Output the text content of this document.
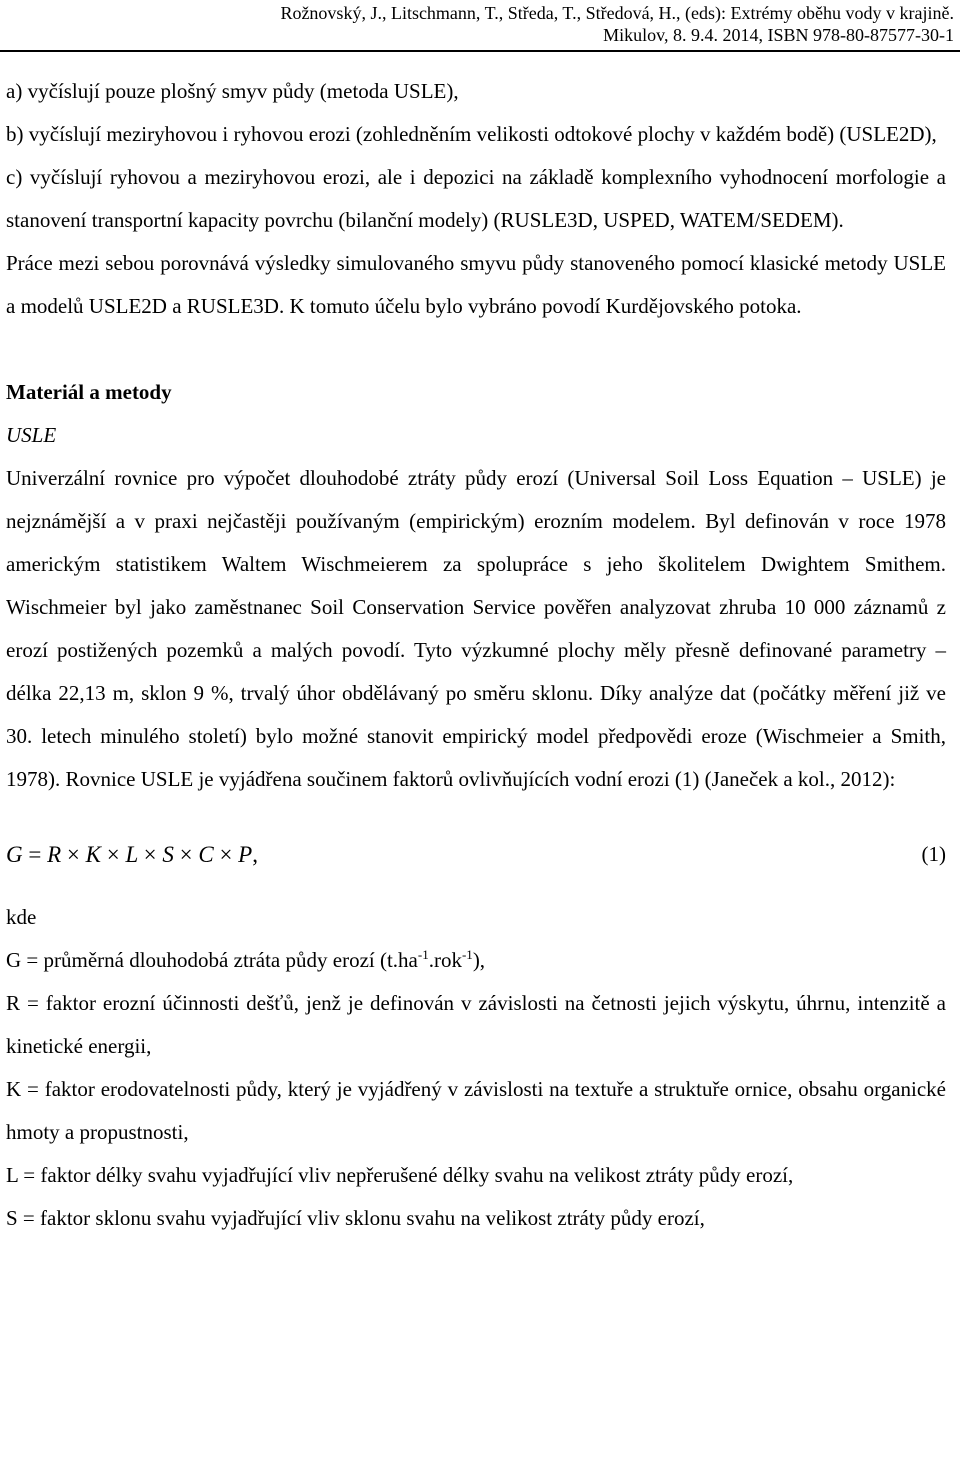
Rožnovský, J., Litschmann, T., Středa, T., Středová, H., (eds): Extrémy oběhu vody v krajině.
Mikulov, 8. 9.4. 2014, ISBN 978-80-87577-30-1

a) vyčíslují pouze plošný smyv půdy (metoda USLE),

b) vyčíslují meziryhovou i ryhovou erozi (zohledněním velikosti odtokové plochy v každém bodě) (USLE2D),

c) vyčíslují ryhovou a meziryhovou erozi, ale i depozici na základě komplexního vyhodnocení morfologie a stanovení transportní kapacity povrchu (bilanční modely) (RUSLE3D, USPED, WATEM/SEDEM).

Práce mezi sebou porovnává výsledky simulovaného smyvu půdy stanoveného pomocí klasické metody USLE a modelů USLE2D a RUSLE3D. K tomuto účelu bylo vybráno povodí Kurdějovského potoka.

Materiál a metody

USLE

Univerzální rovnice pro výpočet dlouhodobé ztráty půdy erozí (Universal Soil Loss Equation – USLE) je nejznámější a v praxi nejčastěji používaným (empirickým) erozním modelem. Byl definován v roce 1978 americkým statistikem Waltem Wischmeierem za spolupráce s jeho školitelem Dwightem Smithem. Wischmeier byl jako zaměstnanec Soil Conservation Service pověřen analyzovat zhruba 10 000 záznamů z erozí postižených pozemků a malých povodí. Tyto výzkumné plochy měly přesně definované parametry – délka 22,13 m, sklon 9 %, trvalý úhor obdělávaný po směru sklonu. Díky analýze dat (počátky měření již ve 30. letech minulého století) bylo možné stanovit empirický model předpovědi eroze (Wischmeier a Smith, 1978). Rovnice USLE je vyjádřena součinem faktorů ovlivňujících vodní erozi (1) (Janeček a kol., 2012):

G = R × K × L × S × C × P,	(1)

kde

G = průměrná dlouhodobá ztráta půdy erozí $(t.ha^{-1}.rok^{-1})$,

R = faktor erozní účinnosti dešťů, jenž je definován v závislosti na četnosti jejich výskytu, úhrnu, intenzitě a kinetické energii,

K = faktor erodovatelnosti půdy, který je vyjádřený v závislosti na textuře a struktuře ornice, obsahu organické hmoty a propustnosti,

L = faktor délky svahu vyjadřující vliv nepřerušené délky svahu na velikost ztráty půdy erozí,

S = faktor sklonu svahu vyjadřující vliv sklonu svahu na velikost ztráty půdy erozí,
